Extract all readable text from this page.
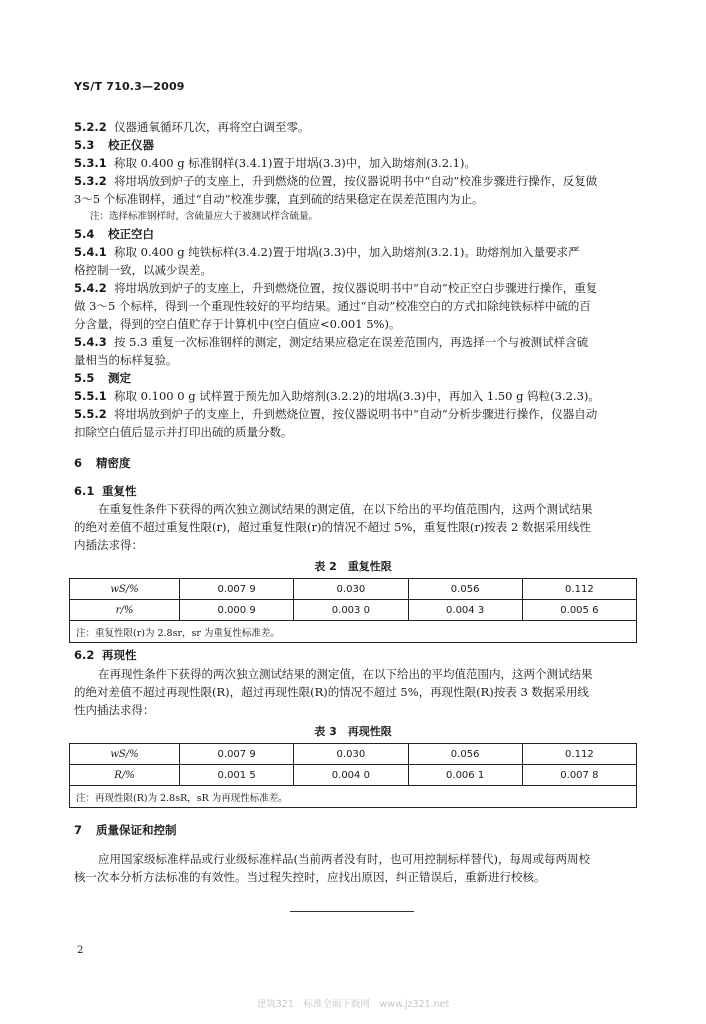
YS/T 710.3—2009
5.2.2 仪器通氧循环几次，再将空白调至零。
5.3 校正仪器
5.3.1 称取 0.400 g 标准钢样(3.4.1)置于坩埚(3.3)中，加入助熔剂(3.2.1)。
5.3.2 将坩埚放到炉子的支座上，升到燃烧的位置，按仪器说明书中“自动”校准步骤进行操作，反复做
3～5 个标准钢样，通过“自动”校准步骤，直到硫的结果稳定在误差范围内为止。
注：选择标准钢样时，含硫量应大于被测试样含硫量。
5.4 校正空白
5.4.1 称取 0.400 g 纯铁标样(3.4.2)置于坩埚(3.3)中，加入助熔剂(3.2.1)。助熔剂加入量要求严
格控制一致，以减少误差。
5.4.2 将坩埚放到炉子的支座上，升到燃烧位置，按仪器说明书中“自动”校正空白步骤进行操作，重复
做 3～5 个标样，得到一个重现性较好的平均结果。通过“自动”校准空白的方式扣除纯铁标样中硫的百
分含量，得到的空白值贮存于计算机中(空白值应<0.001 5%)。
5.4.3 按 5.3 重复一次标准钢样的测定，测定结果应稳定在误差范围内，再选择一个与被测试样含硫
量相当的标样复验。
5.5 测定
5.5.1 称取 0.100 0 g 试样置于预先加入助熔剂(3.2.2)的坩埚(3.3)中，再加入 1.50 g 钨粒(3.2.3)。
5.5.2 将坩埚放到炉子的支座上，升到燃烧位置，按仪器说明书中“自动”分析步骤进行操作，仪器自动
扣除空白值后显示并打印出硫的质量分数。
6 精密度
6.1 重复性
在重复性条件下获得的两次独立测试结果的测定值，在以下给出的平均值范围内，这两个测试结果
的绝对差值不超过重复性限(r)，超过重复性限(r)的情况不超过 5%，重复性限(r)按表 2 数据采用线性
内插法求得：
表 2　重复性限
wS/%	0.007 9	0.030	0.056	0.112
r/%	0.000 9	0.003 0	0.004 3	0.005 6
注：重复性限(r)为 2.8sr，sr 为重复性标准差。				
6.2 再现性
在再现性条件下获得的两次独立测试结果的测定值，在以下给出的平均值范围内，这两个测试结果
的绝对差值不超过再现性限(R)，超过再现性限(R)的情况不超过 5%，再现性限(R)按表 3 数据采用线
性内插法求得：
表 3　再现性限
wS/%	0.007 9	0.030	0.056	0.112
R/%	0.001 5	0.004 0	0.006 1	0.007 8
注：再现性限(R)为 2.8sR，sR 为再现性标准差。				
7 质量保证和控制
应用国家级标准样品或行业级标准样品(当前两者没有时，也可用控制标样替代)，每周或每两周校
核一次本分析方法标准的有效性。当过程失控时，应找出原因，纠正错误后，重新进行校核。
2
建筑321　标准全面下载网　www.jz321.net
